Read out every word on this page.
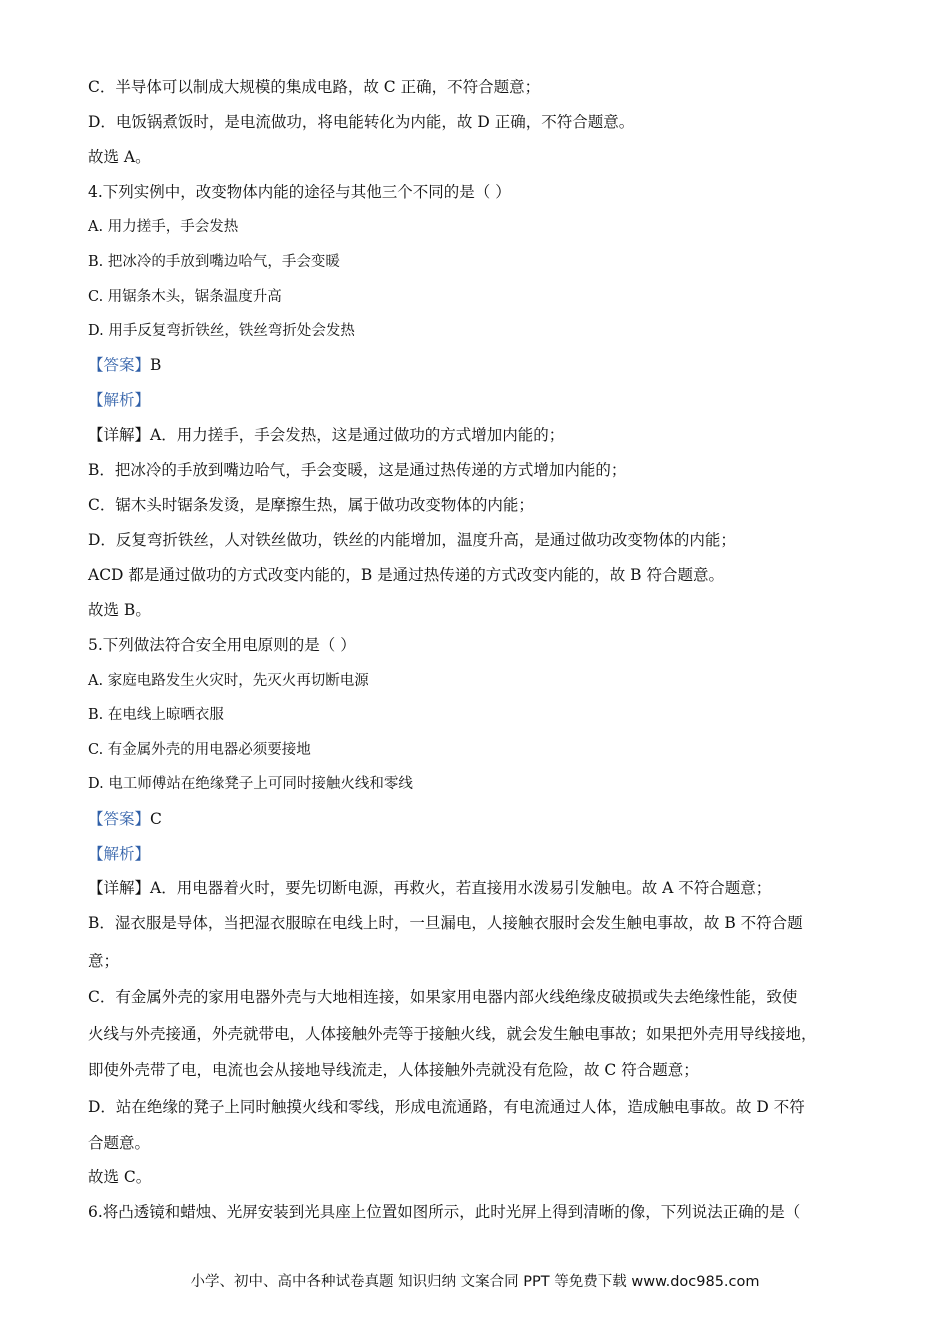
C．半导体可以制成大规模的集成电路，故 C 正确，不符合题意；
D．电饭锅煮饭时，是电流做功，将电能转化为内能，故 D 正确，不符合题意。
故选 A。
4.下列实例中，改变物体内能的途径与其他三个不同的是（ ）
A. 用力搓手，手会发热
B. 把冰冷的手放到嘴边哈气，手会变暖
C. 用锯条木头，锯条温度升高
D. 用手反复弯折铁丝，铁丝弯折处会发热
【答案】B
【解析】
【详解】A．用力搓手，手会发热，这是通过做功的方式增加内能的；
B．把冰冷的手放到嘴边哈气，手会变暖，这是通过热传递的方式增加内能的；
C．锯木头时锯条发烫，是摩擦生热，属于做功改变物体的内能；
D．反复弯折铁丝，人对铁丝做功，铁丝的内能增加，温度升高，是通过做功改变物体的内能；
ACD 都是通过做功的方式改变内能的，B 是通过热传递的方式改变内能的，故 B 符合题意。
故选 B。
5.下列做法符合安全用电原则的是（ ）
A. 家庭电路发生火灾时，先灭火再切断电源
B. 在电线上晾晒衣服
C. 有金属外壳的用电器必须要接地
D. 电工师傅站在绝缘凳子上可同时接触火线和零线
【答案】C
【解析】
【详解】A．用电器着火时，要先切断电源，再救火，若直接用水泼易引发触电。故 A 不符合题意；
B．湿衣服是导体，当把湿衣服晾在电线上时，一旦漏电，人接触衣服时会发生触电事故，故 B 不符合题
意；
C．有金属外壳的家用电器外壳与大地相连接，如果家用电器内部火线绝缘皮破损或失去绝缘性能，致使
火线与外壳接通，外壳就带电，人体接触外壳等于接触火线，就会发生触电事故；如果把外壳用导线接地，
即使外壳带了电，电流也会从接地导线流走，人体接触外壳就没有危险，故 C 符合题意；
D．站在绝缘的凳子上同时触摸火线和零线，形成电流通路，有电流通过人体，造成触电事故。故 D 不符
合题意。
故选 C。
6.将凸透镜和蜡烛、光屏安装到光具座上位置如图所示，此时光屏上得到清晰的像，下列说法正确的是（
小学、初中、高中各种试卷真题 知识归纳 文案合同 PPT 等免费下载 www.doc985.com
